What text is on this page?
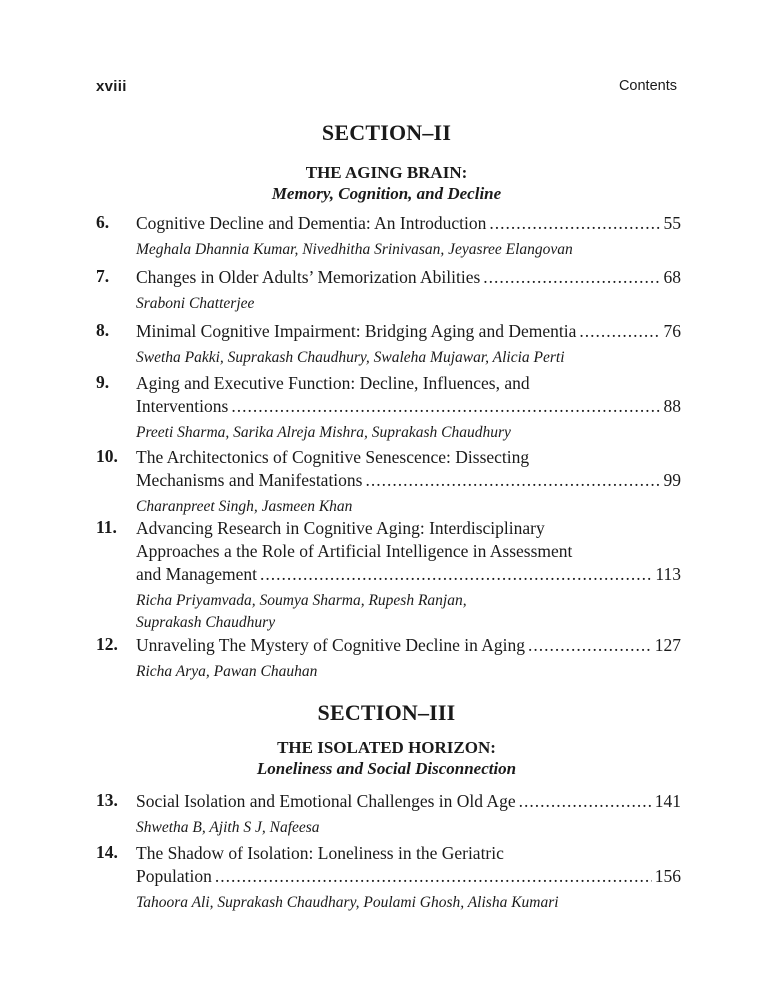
xviii	Contents
SECTION–II
THE AGING BRAIN:
Memory, Cognition, and Decline
6. Cognitive Decline and Dementia: An Introduction .....	55
Meghala Dhannia Kumar, Nivedhitha Srinivasan, Jeyasree Elangovan
7. Changes in Older Adults’ Memorization Abilities .....	68
Sraboni Chatterjee
8. Minimal Cognitive Impairment: Bridging Aging and Dementia .....	76
Swetha Pakki, Suprakash Chaudhury, Swaleha Mujawar, Alicia Perti
9. Aging and Executive Function: Decline, Influences, and
Interventions .....	88
Preeti Sharma, Sarika Alreja Mishra, Suprakash Chaudhury
10. The Architectonics of Cognitive Senescence: Dissecting
Mechanisms and Manifestations .....	99
Charanpreet Singh, Jasmeen Khan
11. Advancing Research in Cognitive Aging: Interdisciplinary
Approaches a the Role of Artificial Intelligence in Assessment
and Management .....	113
Richa Priyamvada, Soumya Sharma, Rupesh Ranjan,
Suprakash Chaudhury
12. Unraveling The Mystery of Cognitive Decline in Aging .....	127
Richa Arya, Pawan Chauhan
SECTION–III
THE ISOLATED HORIZON:
Loneliness and Social Disconnection
13. Social Isolation and Emotional Challenges in Old Age .....	141
Shwetha B, Ajith S J, Nafeesa
14. The Shadow of Isolation: Loneliness in the Geriatric
Population .....	156
Tahoora Ali, Suprakash Chaudhary, Poulami Ghosh, Alisha Kumari
